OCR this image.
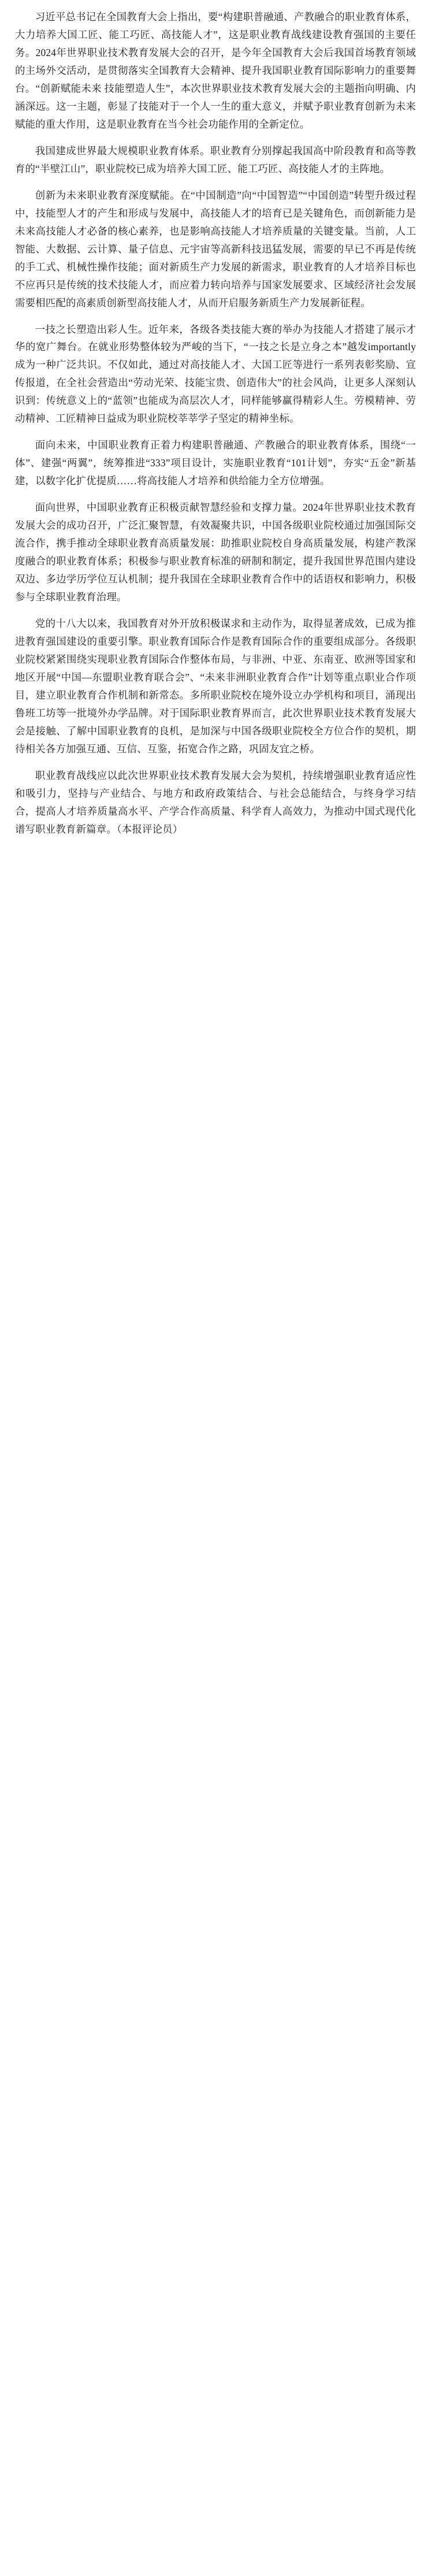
习近平总书记在全国教育大会上指出，要“构建职普融通、产教融合的职业教育体系，大力培养大国工匠、能工巧匠、高技能人才”，这是职业教育战线建设教育强国的主要任务。2024年世界职业技术教育发展大会的召开，是今年全国教育大会后我国首场教育领域的主场外交活动，是贯彻落实全国教育大会精神、提升我国职业教育国际影响力的重要舞台。“创新赋能未来 技能塑造人生”，本次世界职业技术教育发展大会的主题指向明确、内涵深远。这一主题，彰显了技能对于一个人一生的重大意义，并赋予职业教育创新为未来赋能的重大作用，这是职业教育在当今社会功能作用的全新定位。

我国建成世界最大规模职业教育体系。职业教育分别撑起我国高中阶段教育和高等教育的“半壁江山”，职业院校已成为培养大国工匠、能工巧匠、高技能人才的主阵地。

创新为未来职业教育深度赋能。在“中国制造”向“中国智造”“中国创造”转型升级过程中，技能型人才的产生和形成与发展中，高技能人才的培育已是关键角色，而创新能力是未来高技能人才必备的核心素养，也是影响高技能人才培养质量的关键变量。当前，人工智能、大数据、云计算、量子信息、元宇宙等高新科技迅猛发展，需要的早已不再是传统的手工式、机械性操作技能；面对新质生产力发展的新需求，职业教育的人才培养目标也不应再只是传统的技术技能人才，而应着力转向培养与国家发展要求、区域经济社会发展需要相匹配的高素质创新型高技能人才，从而开启服务新质生产力发展新征程。

一技之长塑造出彩人生。近年来，各级各类技能大赛的举办为技能人才搭建了展示才华的宽广舞台。在就业形势整体较为严峻的当下，“一技之长是立身之本”越发importantly成为一种广泛共识。不仅如此，通过对高技能人才、大国工匠等进行一系列表彰奖励、宣传报道，在全社会营造出“劳动光荣、技能宝贵、创造伟大”的社会风尚，让更多人深刻认识到：传统意义上的“蓝领”也能成为高层次人才，同样能够赢得精彩人生。劳模精神、劳动精神、工匠精神日益成为职业院校莘莘学子坚定的精神坐标。

面向未来，中国职业教育正着力构建职普融通、产教融合的职业教育体系，围绕“一体”、建强“两翼”，统筹推进“333”项目设计，实施职业教育“101计划”，夯实“五金”新基建，以数字化扩优提质……将高技能人才培养和供给能力全方位增强。

面向世界，中国职业教育正积极贡献智慧经验和支撑力量。2024年世界职业技术教育发展大会的成功召开，广泛汇聚智慧，有效凝聚共识，中国各级职业院校通过加强国际交流合作，携手推动全球职业教育高质量发展：助推职业院校自身高质量发展，构建产教深度融合的职业教育体系；积极参与职业教育标准的研制和制定，提升我国世界范围内建设双边、多边学历学位互认机制；提升我国在全球职业教育合作中的话语权和影响力，积极参与全球职业教育治理。

党的十八大以来，我国教育对外开放积极谋求和主动作为，取得显著成效，已成为推进教育强国建设的重要引擎。职业教育国际合作是教育国际合作的重要组成部分。各级职业院校紧紧围绕实现职业教育国际合作整体布局，与非洲、中亚、东南亚、欧洲等国家和地区开展“中国—东盟职业教育联合会”、“未来非洲职业教育合作”计划等重点职业合作项目，建立职业教育合作机制和新常态。多所职业院校在境外设立办学机构和项目，涌现出鲁班工坊等一批境外办学品牌。对于国际职业教育界而言，此次世界职业技术教育发展大会是接触、了解中国职业教育的良机，是加深与中国各级职业院校全方位合作的契机，期待相关各方加强互通、互信、互鉴，拓宽合作之路，巩固友宜之桥。

职业教育战线应以此次世界职业技术教育发展大会为契机，持续增强职业教育适应性和吸引力，坚持与产业结合、与地方和政府政策结合、与社会总能结合，与终身学习结合，提高人才培养质量高水平、产学合作高质量、科学育人高效力，为推动中国式现代化谱写职业教育新篇章。（本报评论员）
